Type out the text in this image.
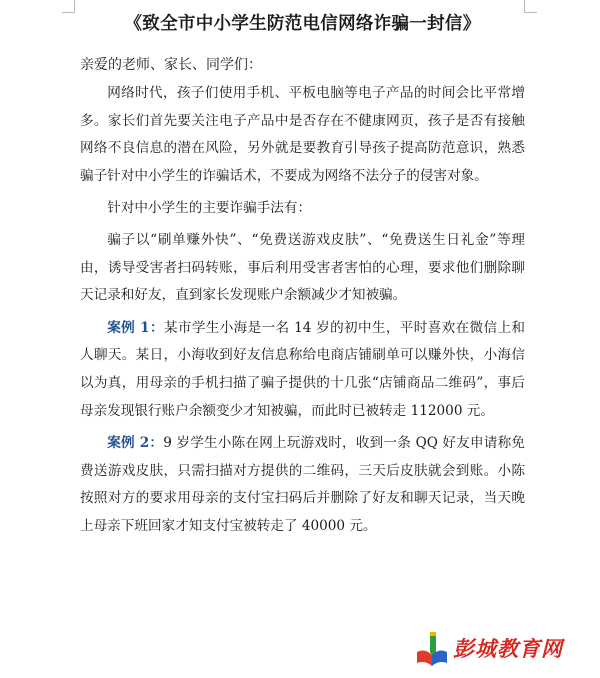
《致全市中小学生防范电信网络诈骗一封信》
亲爱的老师、家长、同学们：

网络时代，孩子们使用手机、平板电脑等电子产品的时间会比平常增多。家长们首先要关注电子产品中是否存在不健康网页，孩子是否有接触网络不良信息的潜在风险，另外就是要教育引导孩子提高防范意识，熟悉骗子针对中小学生的诈骗话术，不要成为网络不法分子的侵害对象。

针对中小学生的主要诈骗手法有：

骗子以“刷单赚外快”、“免费送游戏皮肤”、“免费送生日礼金”等理由，诱导受害者扫码转账，事后利用受害者害怕的心理，要求他们删除聊天记录和好友，直到家长发现账户余额减少才知被骗。

案例 1：某市学生小海是一名 14 岁的初中生，平时喜欢在微信上和人聊天。某日，小海收到好友信息称给电商店铺刷单可以赚外快，小海信以为真，用母亲的手机扫描了骗子提供的十几张“店铺商品二维码”，事后母亲发现银行账户余额变少才知被骗，而此时已被转走 112000 元。

案例 2：9 岁学生小陈在网上玩游戏时，收到一条 QQ 好友申请称免费送游戏皮肤，只需扫描对方提供的二维码，三天后皮肤就会到账。小陈按照对方的要求用母亲的支付宝扫码后并删除了好友和聊天记录，当天晚上母亲下班回家才知支付宝被转走了 40000 元。

彭城教育网
